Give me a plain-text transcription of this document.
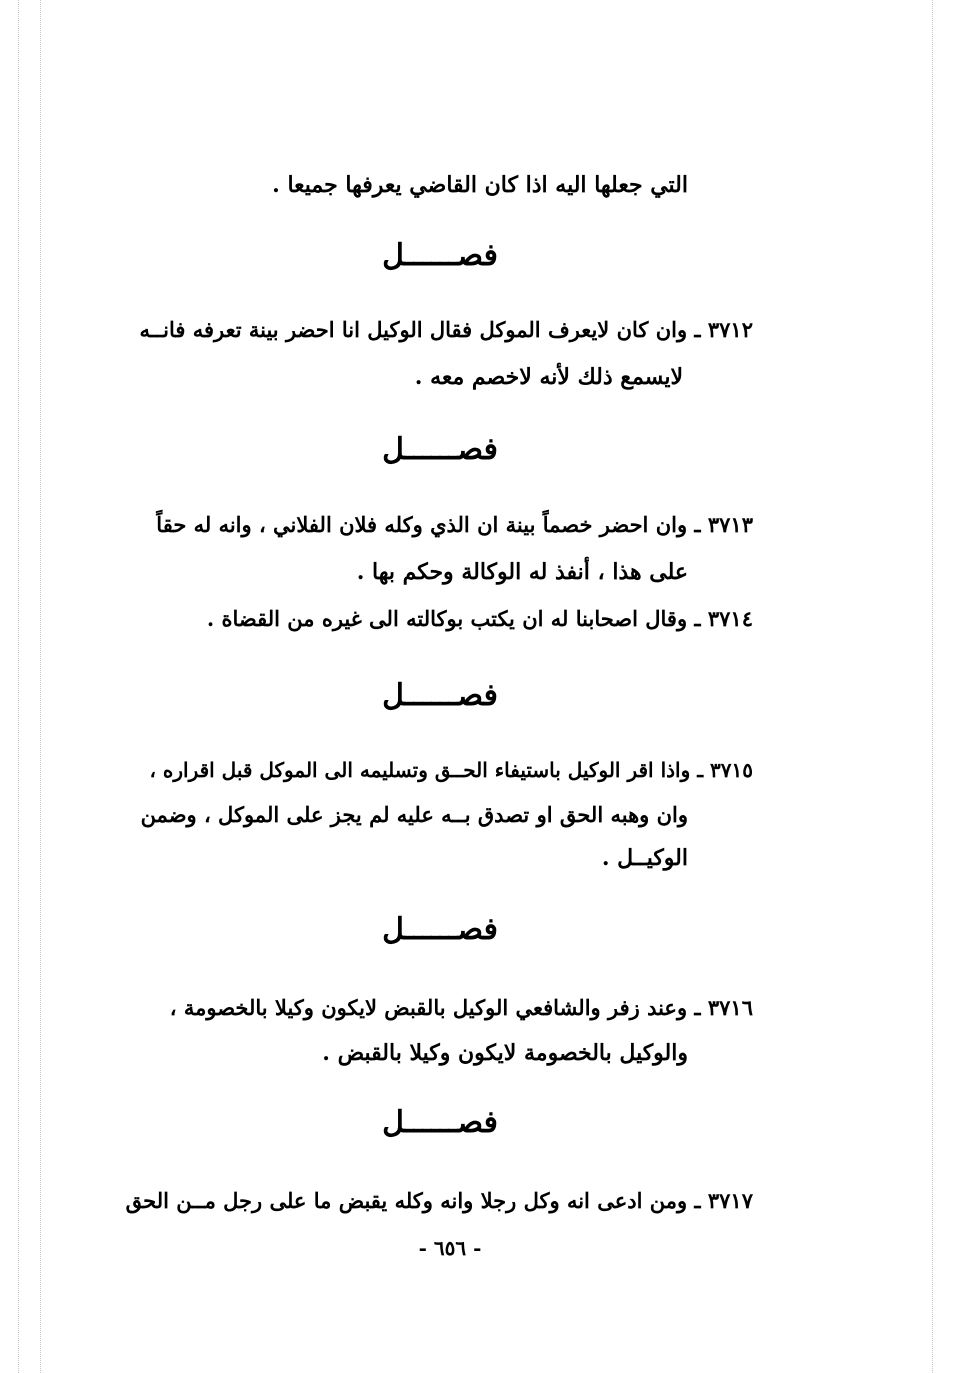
التي جعلها اليه اذا كان القاضي يعرفها جميعا .
فصــــــل
٣٧١٢ ـ وان كان لايعرف الموكل فقال الوكيل انا احضر بينة تعرفه فانــه
لايسمع ذلك لأنه لاخصم معه .
فصــــــل
٣٧١٣ ـ وان احضر خصماً بينة ان الذي وكله فلان الفلاني ، وانه له حقاً
على هذا ، أنفذ له الوكالة وحكم بها .
٣٧١٤ ـ وقال اصحابنا له ان يكتب بوكالته الى غيره من القضاة .
فصــــــل
٣٧١٥ ـ واذا اقر الوكيل باستيفاء الحــق وتسليمه الى الموكل قبل اقراره ،
وان وهبه الحق او تصدق بــه عليه لم يجز على الموكل ، وضمن
الوكيــل .
فصــــــل
٣٧١٦ ـ وعند زفر والشافعي الوكيل بالقبض لايكون وكيلا بالخصومة ،
والوكيل بالخصومة لايكون وكيلا بالقبض .
فصــــــل
٣٧١٧ ـ ومن ادعى انه وكل رجلا وانه وكله يقبض ما على رجل مــن الحق
- ٦٥٦ -
